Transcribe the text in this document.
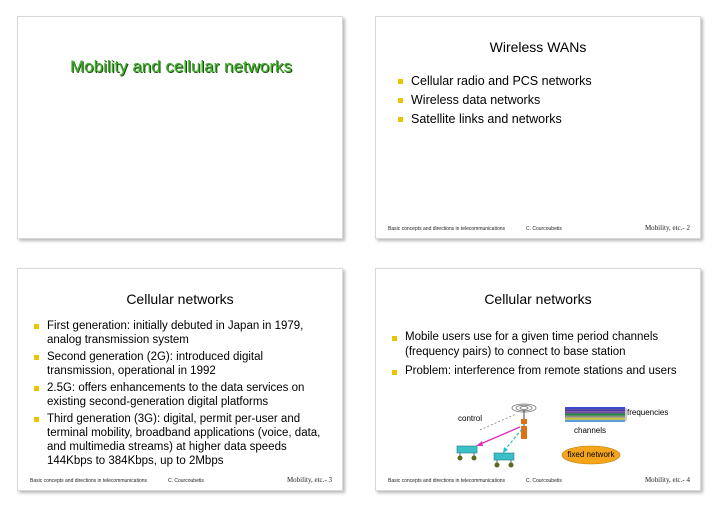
Mobility and cellular networks
Wireless WANs
Cellular radio and PCS networks
Wireless data networks
Satellite links and networks
Basic concepts and directions in telecommunications	C. Courcoubetis	Mobility, etc.- 2
Cellular networks
First generation: initially debuted in Japan in 1979, analog transmission system
Second generation (2G): introduced digital transmission, operational in 1992
2.5G: offers enhancements to the data services on existing second-generation digital platforms
Third generation (3G): digital, permit per-user and terminal mobility, broadband applications (voice, data, and multimedia streams) at higher data speeds 144Kbps to 384Kbps, up to 2Mbps
Basic concepts and directions in telecommunications	C. Courcoubetis	Mobility, etc.- 3
Cellular networks
Mobile users use for a given time period channels (frequency pairs) to connect to base station
Problem: interference from remote stations and users
control
frequencies
channels
fixed network
Basic concepts and directions in telecommunications	C. Courcoubetis	Mobility, etc.- 4
